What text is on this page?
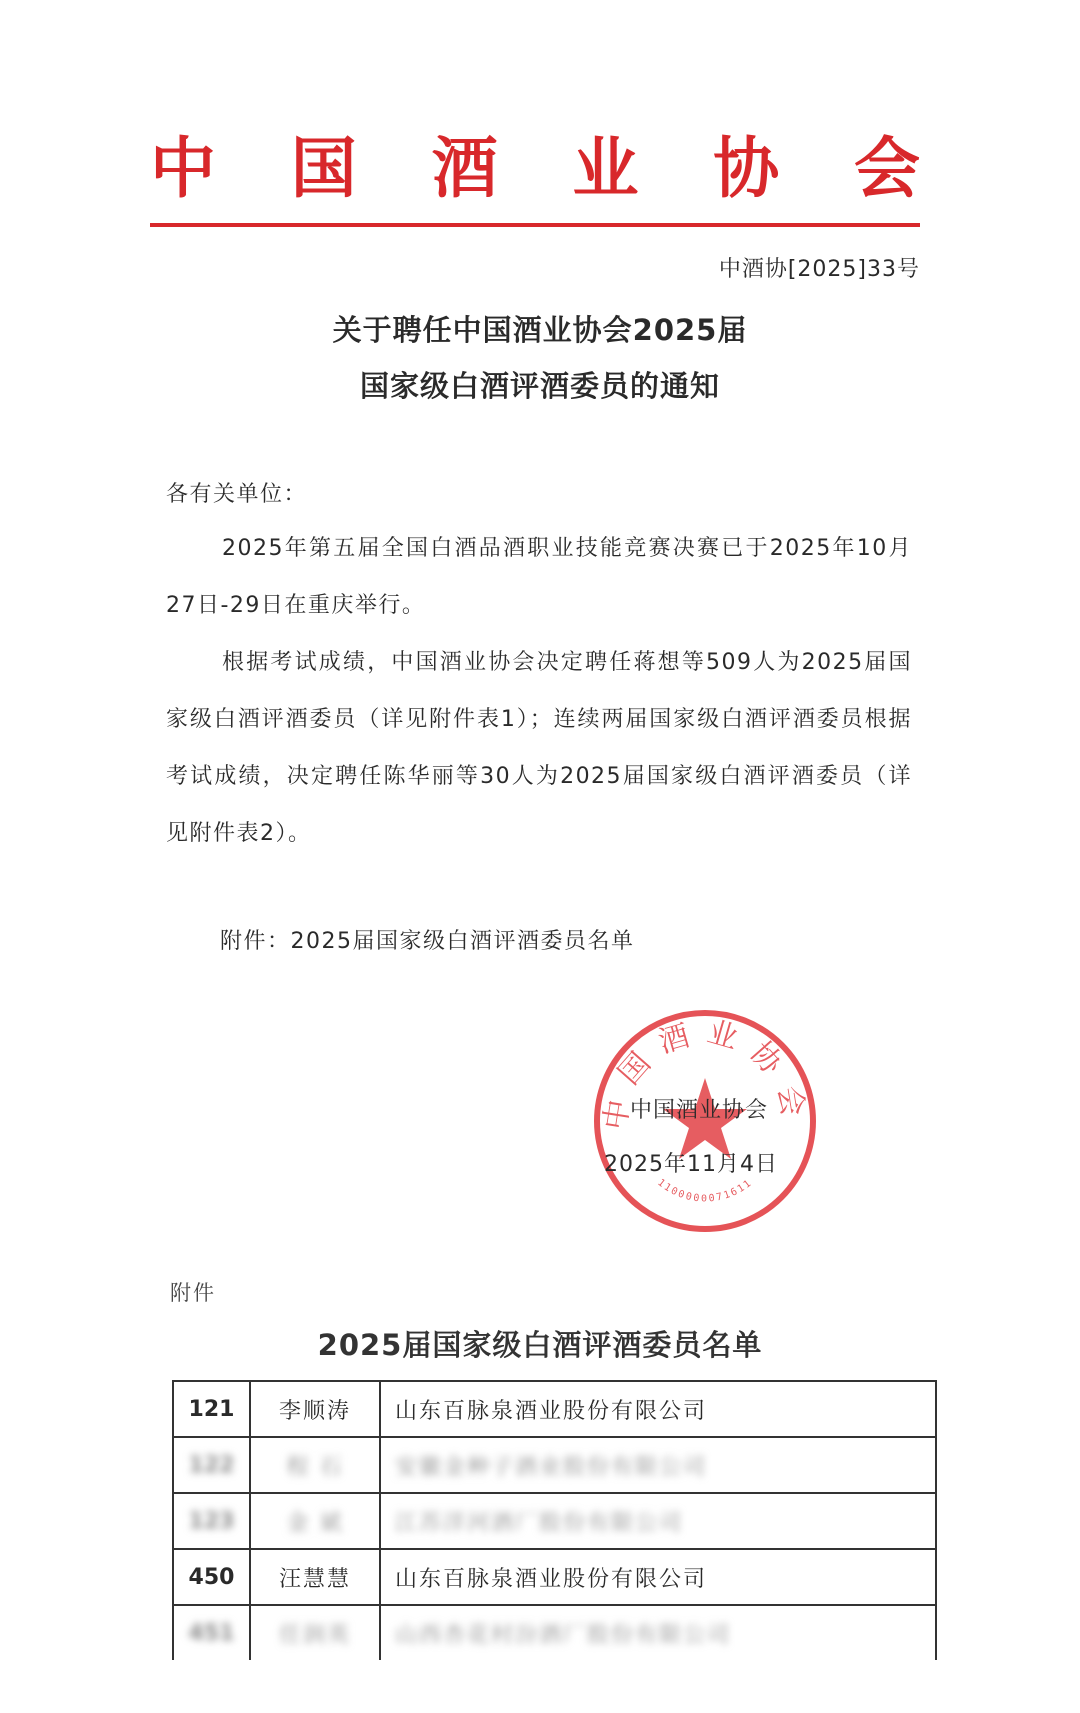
中 国 酒 业 协 会
中酒协[2025]33号
关于聘任中国酒业协会2025届
国家级白酒评酒委员的通知
各有关单位：
2025年第五届全国白酒品酒职业技能竞赛决赛已于2025年10月27日-29日在重庆举行。
根据考试成绩，中国酒业协会决定聘任蒋想等509人为2025届国家级白酒评酒委员（详见附件表1）；连续两届国家级白酒评酒委员根据考试成绩，决定聘任陈华丽等30人为2025届国家级白酒评酒委员（详见附件表2）。
附件：2025届国家级白酒评酒委员名单
中国酒业协会
1100000071611
中国酒业协会
2025年11月4日
附件
2025届国家级白酒评酒委员名单
121	李顺涛	山东百脉泉酒业股份有限公司
122	程 石	安徽金种子酒业股份有限公司
123	金 斌	江苏洋河酒厂股份有限公司
450	汪慧慧	山东百脉泉酒业股份有限公司
451	任润英	山西杏花村汾酒厂股份有限公司
